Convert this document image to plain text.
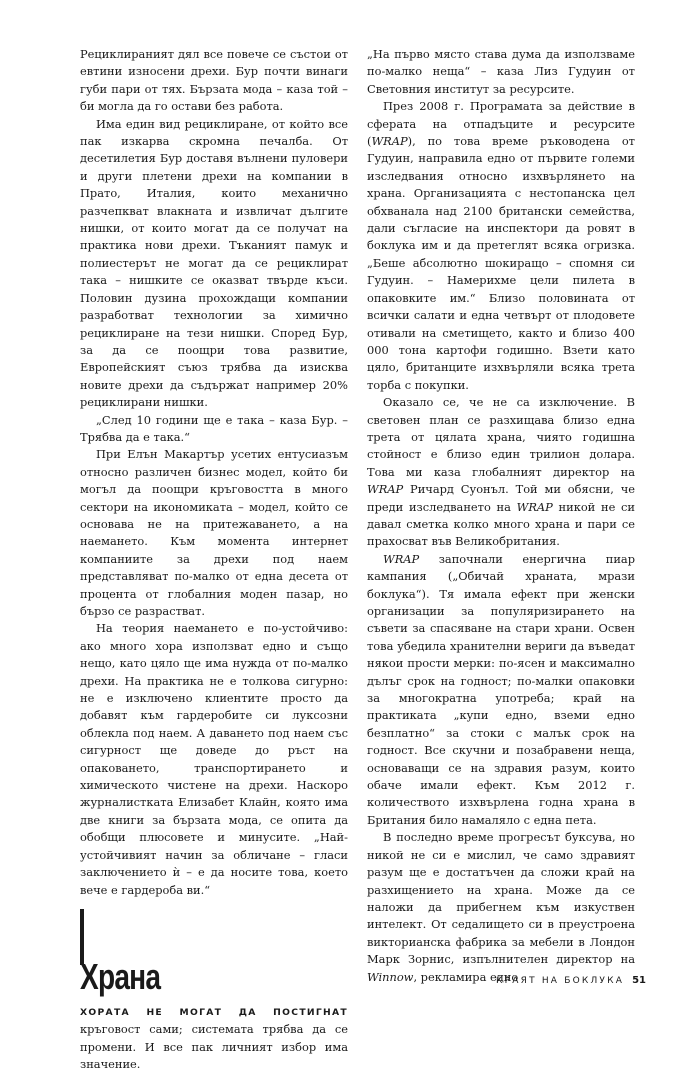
Рециклираният дял все повече се състои от евтини износени дрехи. Бур почти винаги губи пари от тях. Бързата мода – каза той – би могла да го остави без работа.

Има един вид рециклиране, от който все пак изкарва скромна печалба. От десетилетия Бур доставя вълнени пуловери и други плетени дрехи на компании в Прато, Италия, които механично разчепкват влакната и извличат дългите нишки, от които могат да се получат на практика нови дрехи. Тъканият памук и полиестерът не могат да се рециклират така – нишките се оказват твърде къси. Половин дузина прохождащи компании разработват технологии за химично рециклиране на тези нишки. Според Бур, за да се поощри това развитие, Европейският съюз трябва да изисква новите дрехи да съдържат например 20% рециклирани нишки.

„След 10 години ще е така – каза Бур. – Трябва да е така.“

При Елън Макартър усетих ентусиазъм относно различен бизнес модел, който би могъл да поощри кръговостта в много сектори на икономиката – модел, който се основава не на притежаването, а на наемането. Към момента интернет компаниите за дрехи под наем представляват по-малко от една десета от процента от глобалния моден пазар, но бързо се разрастват.

На теория наемането е по-устойчиво: ако много хора използват едно и също нещо, като цяло ще има нужда от по-малко дрехи. На практика не е толкова сигурно: не е изключено клиентите просто да добавят към гардеробите си луксозни облекла под наем. А даването под наем със сигурност ще доведе до ръст на опаковането, транспортирането и химическото чистене на дрехи. Наскоро журналистката Елизабет Клайн, която има две книги за бързата мода, се опита да обобщи плюсовете и минусите. „Най-устойчивият начин за обличане – гласи заключението ѝ – е да носите това, което вече е гардероба ви.“

Храна

ХОРАТА НЕ МОГАТ ДА ПОСТИГНАТ кръговост сами; системата трябва да се промени. И все пак личният избор има значение.

„На първо място става дума да използваме по-малко неща“ – каза Лиз Гудуин от Световния институт за ресурсите.

През 2008 г. Програмата за действие в сферата на отпадъците и ресурсите (WRAP), по това време ръководена от Гудуин, направила едно от първите големи изследвания относно изхвърлянето на храна. Организацията с нестопанска цел обхванала над 2100 британски семейства, дали съгласие на инспектори да ровят в боклука им и да претеглят всяка огризка. „Беше абсолютно шокиращо – спомня си Гудуин. – Намерихме цели пилета в опаковките им.“ Близо половината от всички салати и една четвърт от плодовете отивали на сметището, както и близо 400 000 тона картофи годишно. Взети като цяло, британците изхвърляли всяка трета торба с покупки.

Оказало се, че не са изключение. В световен план се разхищава близо една трета от цялата храна, чиято годишна стойност е близо един трилион долара. Това ми каза глобалният директор на WRAP Ричард Суонъл. Той ми обясни, че преди изследването на WRAP никой не си давал сметка колко много храна и пари се прахосват във Великобритания.

WRAP започнали енергична пиар кампания („Обичай храната, мрази боклука“). Тя имала ефект при женски организации за популяризирането на съвети за спасяване на стари храни. Освен това убедила хранителни вериги да въведат някои прости мерки: по-ясен и максимално дълъг срок на годност; по-малки опаковки за многократна употреба; край на практиката „купи едно, вземи едно безплатно“ за стоки с малък срок на годност. Все скучни и позабравени неща, основаващи се на здравия разум, които обаче имали ефект. Към 2012 г. количеството изхвърлена годна храна в Британия било намаляло с една пета.

В последно време прогресът буксува, но никой не си е мислил, че само здравият разум ще е достатъчен да сложи край на разхищението на храна. Може да се наложи да прибегнем към изкуствен интелект. От седалището си в преустроена викторианска фабрика за мебели в Лондон Марк Зорнис, изпълнителен директор на Winnow, рекламира едно

КРАЯТ НА БОКЛУКА 51
